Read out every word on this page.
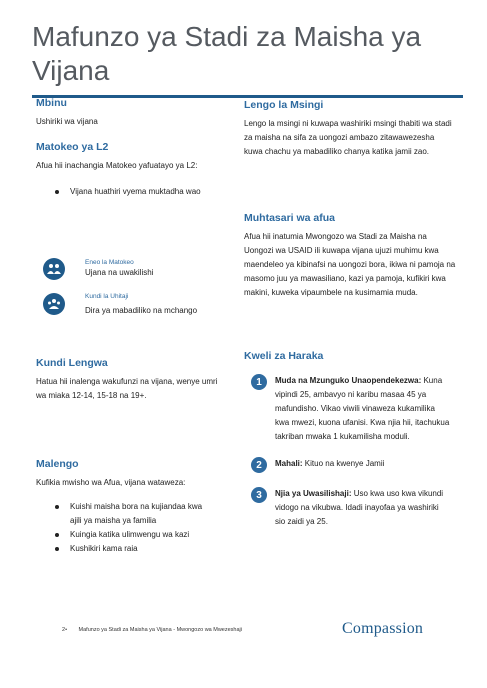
Mafunzo ya Stadi za Maisha ya Vijana

Mbinu

Ushiriki wa vijana

Matokeo ya L2

Afua hii inachangia Matokeo yafuatayo ya L2:

Vijana huathiri vyema muktadha wao
Eneo la Matokeo
Ujana na uwakilishi
Kundi la Uhitaji
Dira ya mabadiliko na mchango

Kundi Lengwa

Hatua hii inalenga wakufunzi na vijana, wenye umri wa miaka 12-14, 15-18 na 19+.

Malengo

Kufikia mwisho wa Afua, vijana watawеza:

Kuishi maisha bora na kujiandaa kwa ajili ya maisha ya familia
Kuingia katika ulimwengu wa kazi
Kushikiri kama raia

Lengo la Msingi

Lengo la msingi ni kuwapa washiriki msingi thabiti wa stadi za maisha na sifa za uongozi ambazo zitawawezesha kuwa chachu ya mabadiliko chanya katika jamii zao.

Muhtasari wa afua

Afua hii inatumia Mwongozo wa Stadi za Maisha na Uongozi wa USAID ili kuwapa vijana ujuzi muhimu kwa maendeleo ya kibinafsi na uongozi bora, ikiwa ni pamoja na masomo juu ya mawasiliano, kazi ya pamoja, kufikiri kwa makini, kuweka vipaumbele na kusimamia muda.

Kweli za Haraka

1	Muda na Mzunguko Unaopendekezwa: Kuna vipindi 25, ambavyo ni karibu masaa 45 ya mafundisho. Vikao viwili vinaweza kukamilika kwa mwezi, kuona ufanisi. Kwa njia hii, itachukua takriban mwaka 1 kukamilisha moduli.
2	Mahali: Kituo na kwenye Jamii
3	Njia ya Uwasilishaji: Uso kwa uso kwa vikundi vidogo na vikubwa. Idadi inayofaa ya washiriki sio zaidi ya 25.
2• Mafunzo ya Stadi za Maisha ya Vijana - Mwongozo wa Mwezeshaji	Compassion
